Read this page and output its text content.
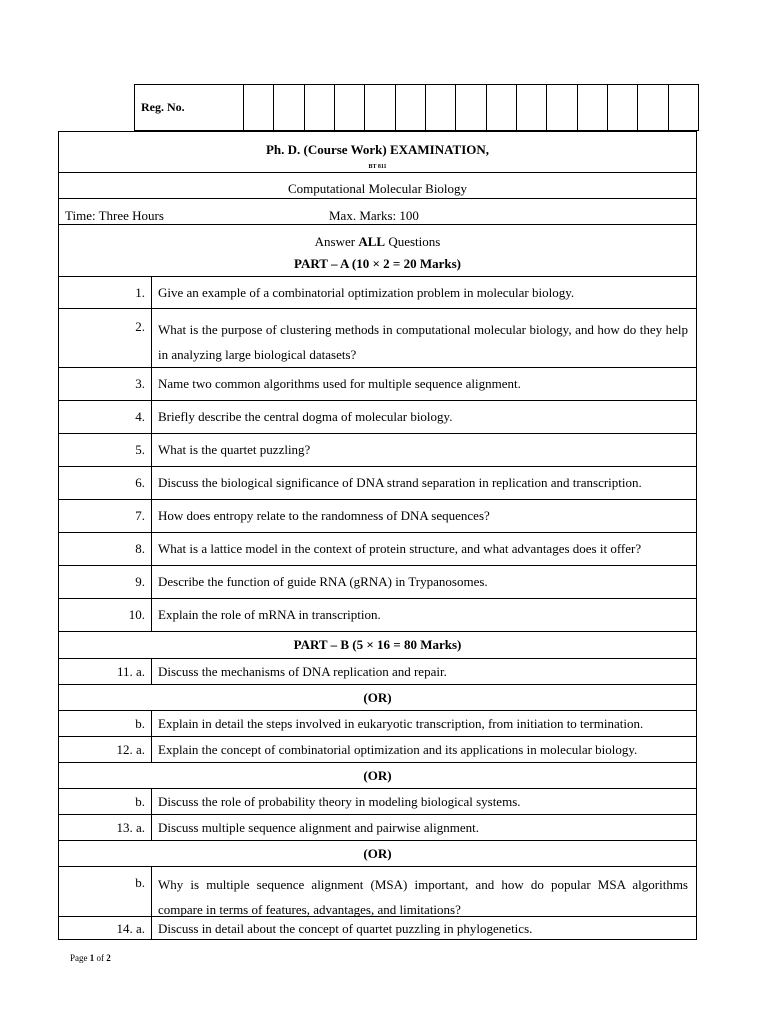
Reg. No.
Ph. D. (Course Work) EXAMINATION,
BT 811
Computational Molecular Biology
Time: Three Hours	Max. Marks: 100
Answer ALL Questions
PART – A (10 × 2 = 20 Marks)
1.	Give an example of a combinatorial optimization problem in molecular biology.
2.	What is the purpose of clustering methods in computational molecular biology, and how do they help in analyzing large biological datasets?
3.	Name two common algorithms used for multiple sequence alignment.
4.	Briefly describe the central dogma of molecular biology.
5.	What is the quartet puzzling?
6.	Discuss the biological significance of DNA strand separation in replication and transcription.
7.	How does entropy relate to the randomness of DNA sequences?
8.	What is a lattice model in the context of protein structure, and what advantages does it offer?
9.	Describe the function of guide RNA (gRNA) in Trypanosomes.
10.	Explain the role of mRNA in transcription.
PART – B (5 × 16 = 80 Marks)
11. a.	Discuss the mechanisms of DNA replication and repair.
(OR)
b.	Explain in detail the steps involved in eukaryotic transcription, from initiation to termination.
12. a.	Explain the concept of combinatorial optimization and its applications in molecular biology.
(OR)
b.	Discuss the role of probability theory in modeling biological systems.
13. a.	Discuss multiple sequence alignment and pairwise alignment.
(OR)
b.	Why is multiple sequence alignment (MSA) important, and how do popular MSA algorithms compare in terms of features, advantages, and limitations?
14. a.	Discuss in detail about the concept of quartet puzzling in phylogenetics.
Page 1 of 2
